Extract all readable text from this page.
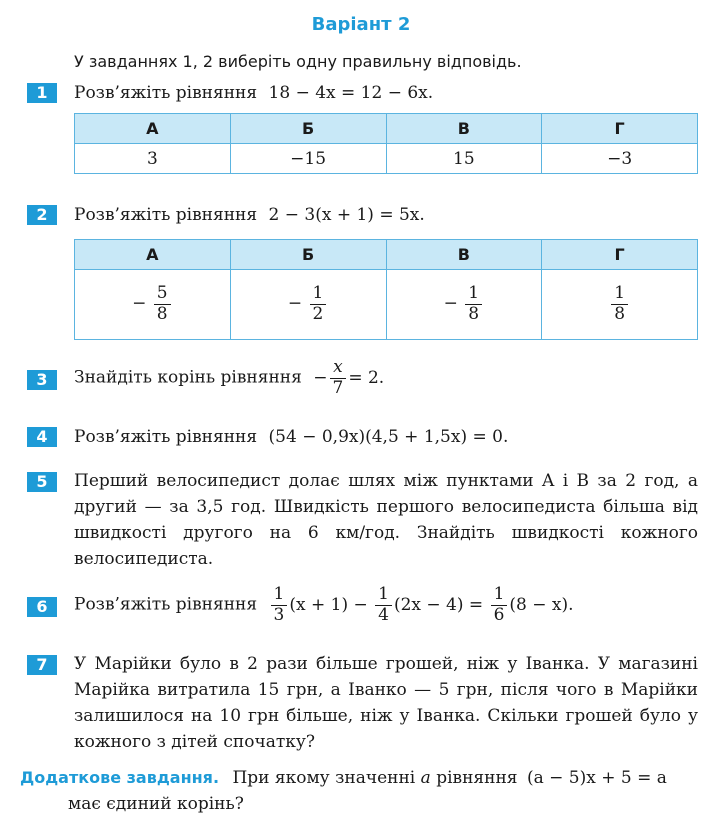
Варіант 2
У завданнях 1, 2 виберіть одну правильну відповідь.
1	Розв’яжіть рівняння 18 − 4x = 12 − 6x.
А	Б	В	Г
3	−15	15	−3
2	Розв’яжіть рівняння 2 − 3(x + 1) = 5x.
А	Б	В	Г
− $\frac{5}{8}$	− $\frac{1}{2}$	− $\frac{1}{8}$	$\frac{1}{8}$
3	Знайдіть корінь рівняння − $\frac{x}{7} = 2$.
4	Розв’яжіть рівняння (54 − 0,9x)(4,5 + 1,5x) = 0.
5	Перший велосипедист долає шлях між пунктами A і B за 2 год, а другий — за 3,5 год. Швидкість першого велосипедиста більша від швидкості другого на 6 км/год. Знайдіть швидкості кожного велосипедиста.
6	Розв’яжіть рівняння $\frac{1}{3} (x + 1) - \frac{1}{4} (2x - 4) = \frac{1}{6} (8 - x)$.
7	У Марійки було в 2 рази більше грошей, ніж у Іванка. У магазині Марійка витратила 15 грн, а Іванко — 5 грн, після чого в Марійки залишилося на 10 грн більше, ніж у Іванка. Скільки грошей було у кожного з дітей спочатку?
Додаткове завдання. При якому значенні a рівняння (a − 5)x + 5 = a
має єдиний корінь?
